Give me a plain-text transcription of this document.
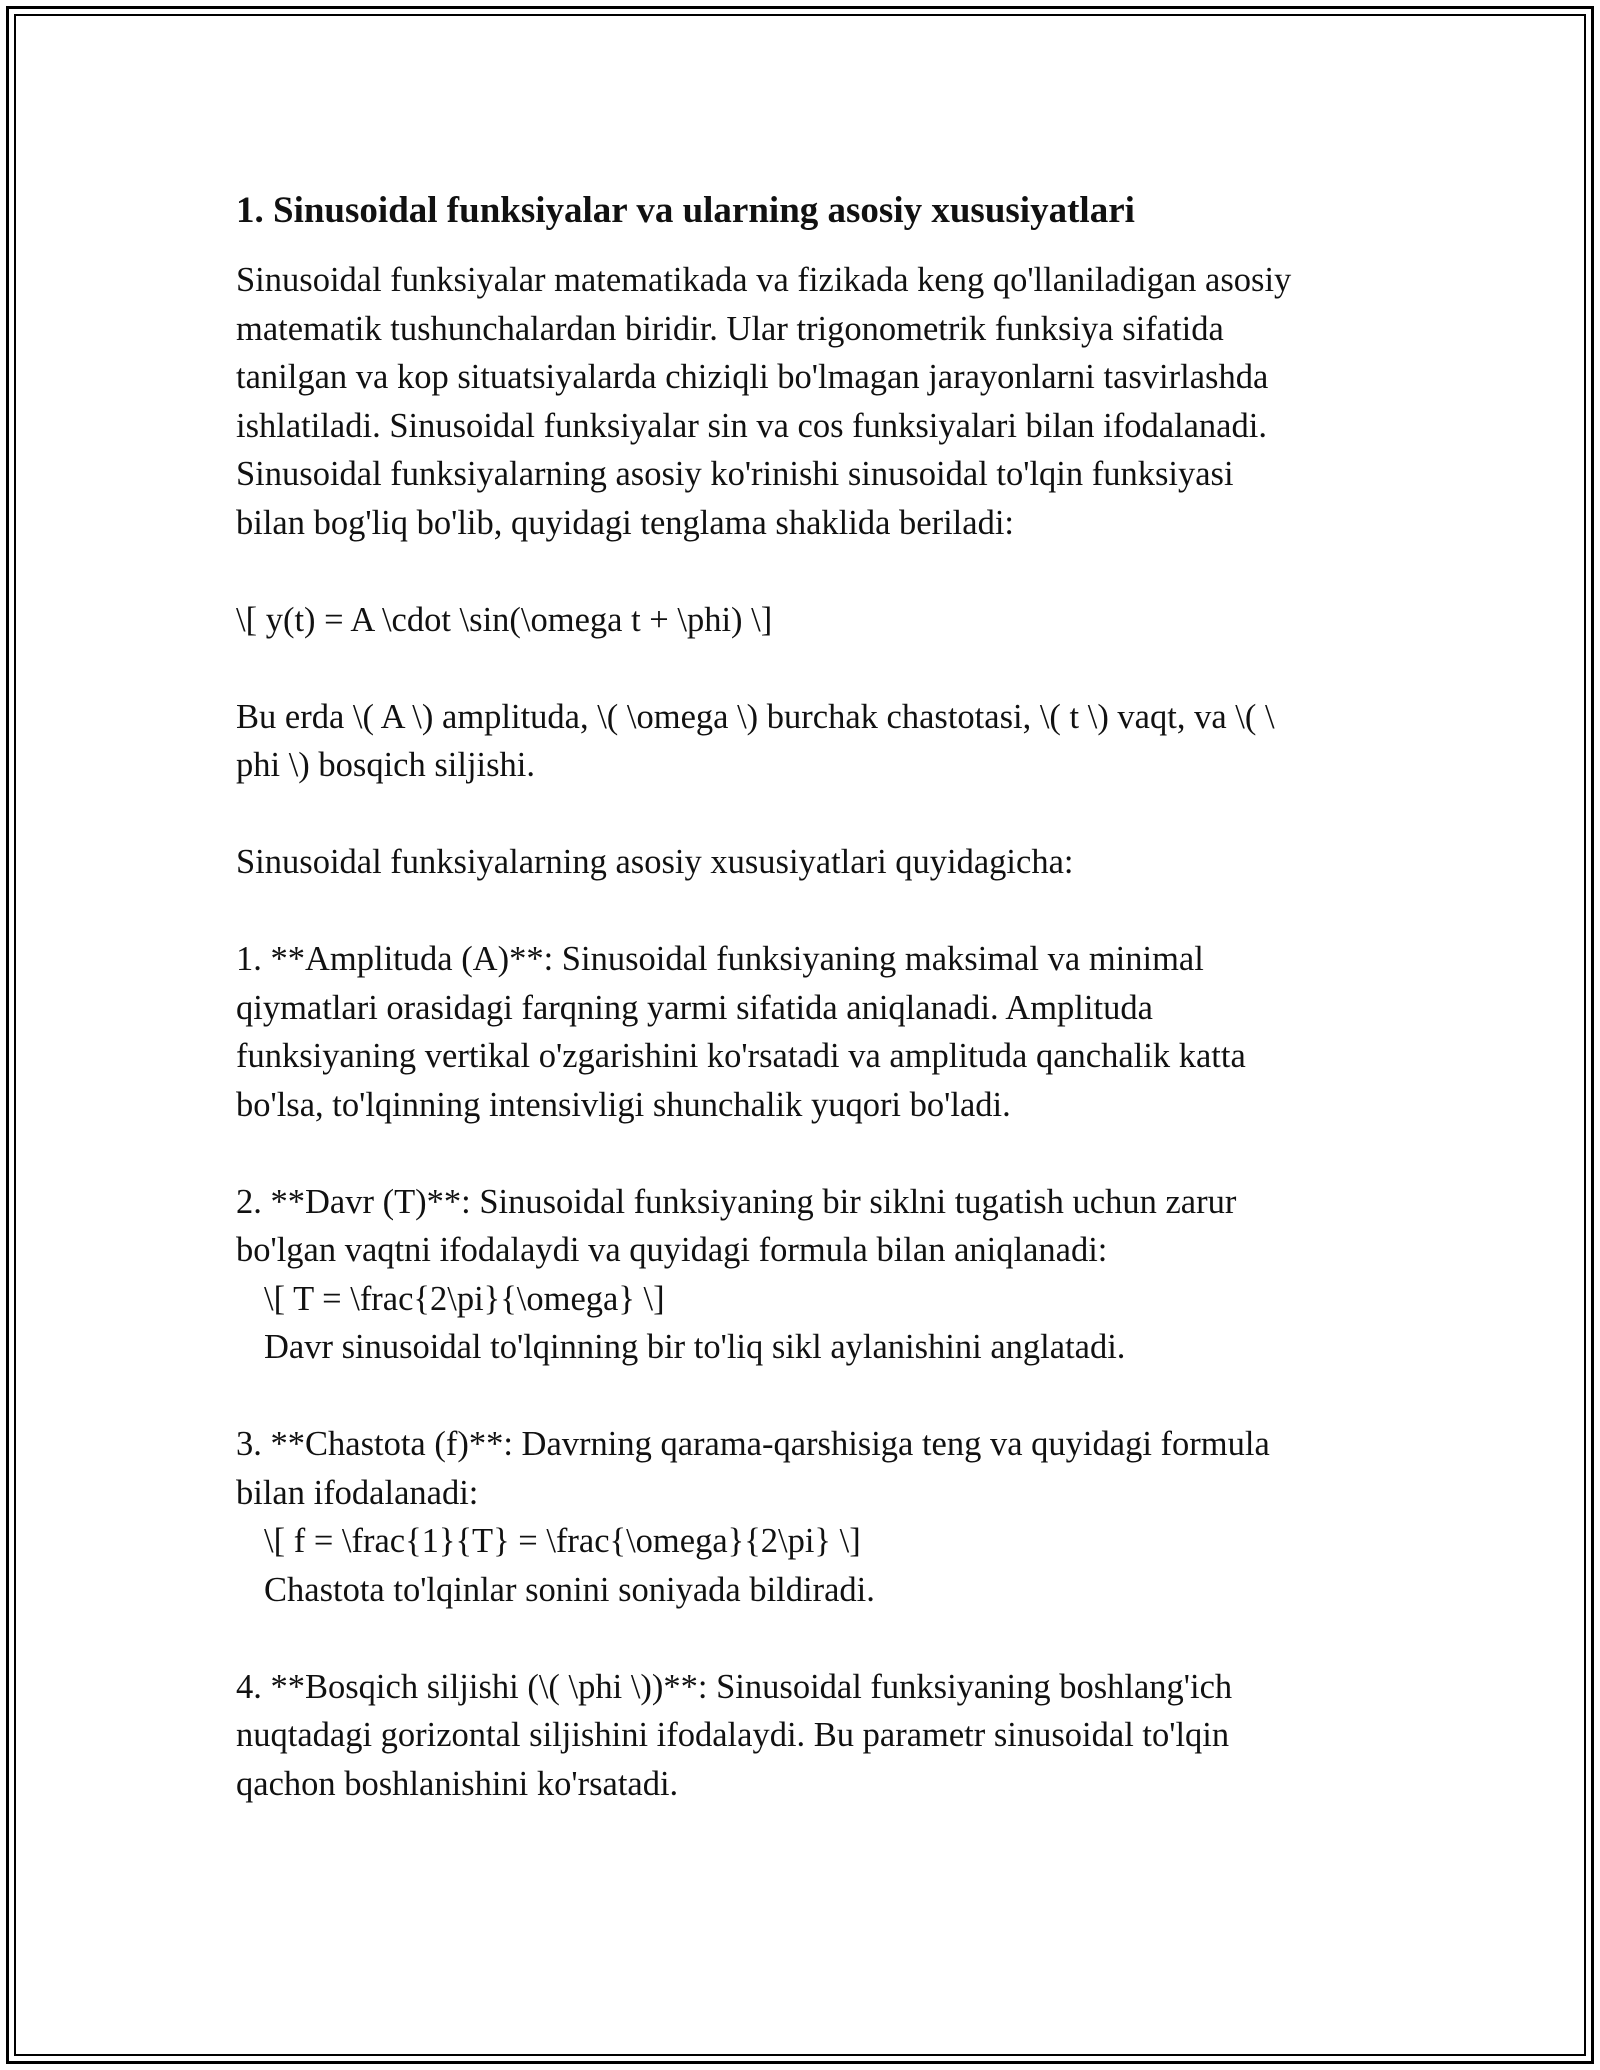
1. Sinusoidal funksiyalar va ularning asosiy xususiyatlari
Sinusoidal funksiyalar matematikada va fizikada keng qo'llaniladigan asosiy
matematik tushunchalardan biridir. Ular trigonometrik funksiya sifatida
tanilgan va kop situatsiyalarda chiziqli bo'lmagan jarayonlarni tasvirlashda
ishlatiladi. Sinusoidal funksiyalar sin va cos funksiyalari bilan ifodalanadi.
Sinusoidal funksiyalarning asosiy ko'rinishi sinusoidal to'lqin funksiyasi
bilan bog'liq bo'lib, quyidagi tenglama shaklida beriladi:
\[ y(t) = A \cdot \sin(\omega t + \phi) \]
Bu erda \( A \) amplituda, \( \omega \) burchak chastotasi, \( t \) vaqt, va \( \
phi \) bosqich siljishi.
Sinusoidal funksiyalarning asosiy xususiyatlari quyidagicha:
1. **Amplituda (A)**: Sinusoidal funksiyaning maksimal va minimal
qiymatlari orasidagi farqning yarmi sifatida aniqlanadi. Amplituda
funksiyaning vertikal o'zgarishini ko'rsatadi va amplituda qanchalik katta
bo'lsa, to'lqinning intensivligi shunchalik yuqori bo'ladi.
2. **Davr (T)**: Sinusoidal funksiyaning bir siklni tugatish uchun zarur
bo'lgan vaqtni ifodalaydi va quyidagi formula bilan aniqlanadi:
\[ T = \frac{2\pi}{\omega} \]
Davr sinusoidal to'lqinning bir to'liq sikl aylanishini anglatadi.
3. **Chastota (f)**: Davrning qarama-qarshisiga teng va quyidagi formula
bilan ifodalanadi:
\[ f = \frac{1}{T} = \frac{\omega}{2\pi} \]
Chastota to'lqinlar sonini soniyada bildiradi.
4. **Bosqich siljishi (\( \phi \))**: Sinusoidal funksiyaning boshlang'ich
nuqtadagi gorizontal siljishini ifodalaydi. Bu parametr sinusoidal to'lqin
qachon boshlanishini ko'rsatadi.
